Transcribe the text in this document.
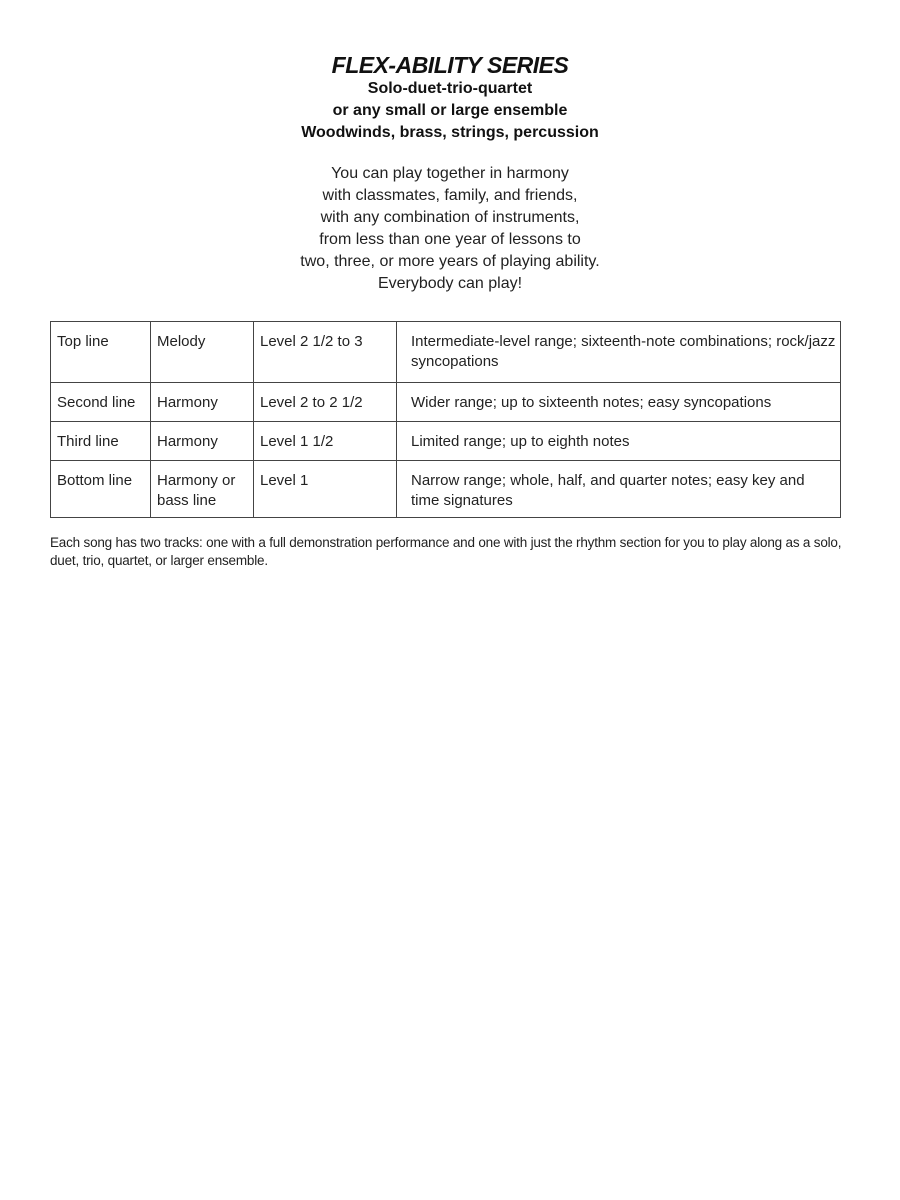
FLEX-ABILITY SERIES
Solo-duet-trio-quartet
or any small or large ensemble
Woodwinds, brass, strings, percussion
You can play together in harmony
with classmates, family, and friends,
with any combination of instruments,
from less than one year of lessons to
two, three, or more years of playing ability.
Everybody can play!
Top line	Melody	Level 2 1/2 to 3	Intermediate-level range; sixteenth-note combinations; rock/jazz syncopations
Second line	Harmony	Level 2 to 2 1/2	Wider range; up to sixteenth notes; easy syncopations
Third line	Harmony	Level 1 1/2	Limited range; up to eighth notes
Bottom line	Harmony or bass line	Level 1	Narrow range; whole, half, and quarter notes; easy key and time signatures
Each song has two tracks: one with a full demonstration performance and one with just the rhythm section for you to play along as a solo, duet, trio, quartet, or larger ensemble.
